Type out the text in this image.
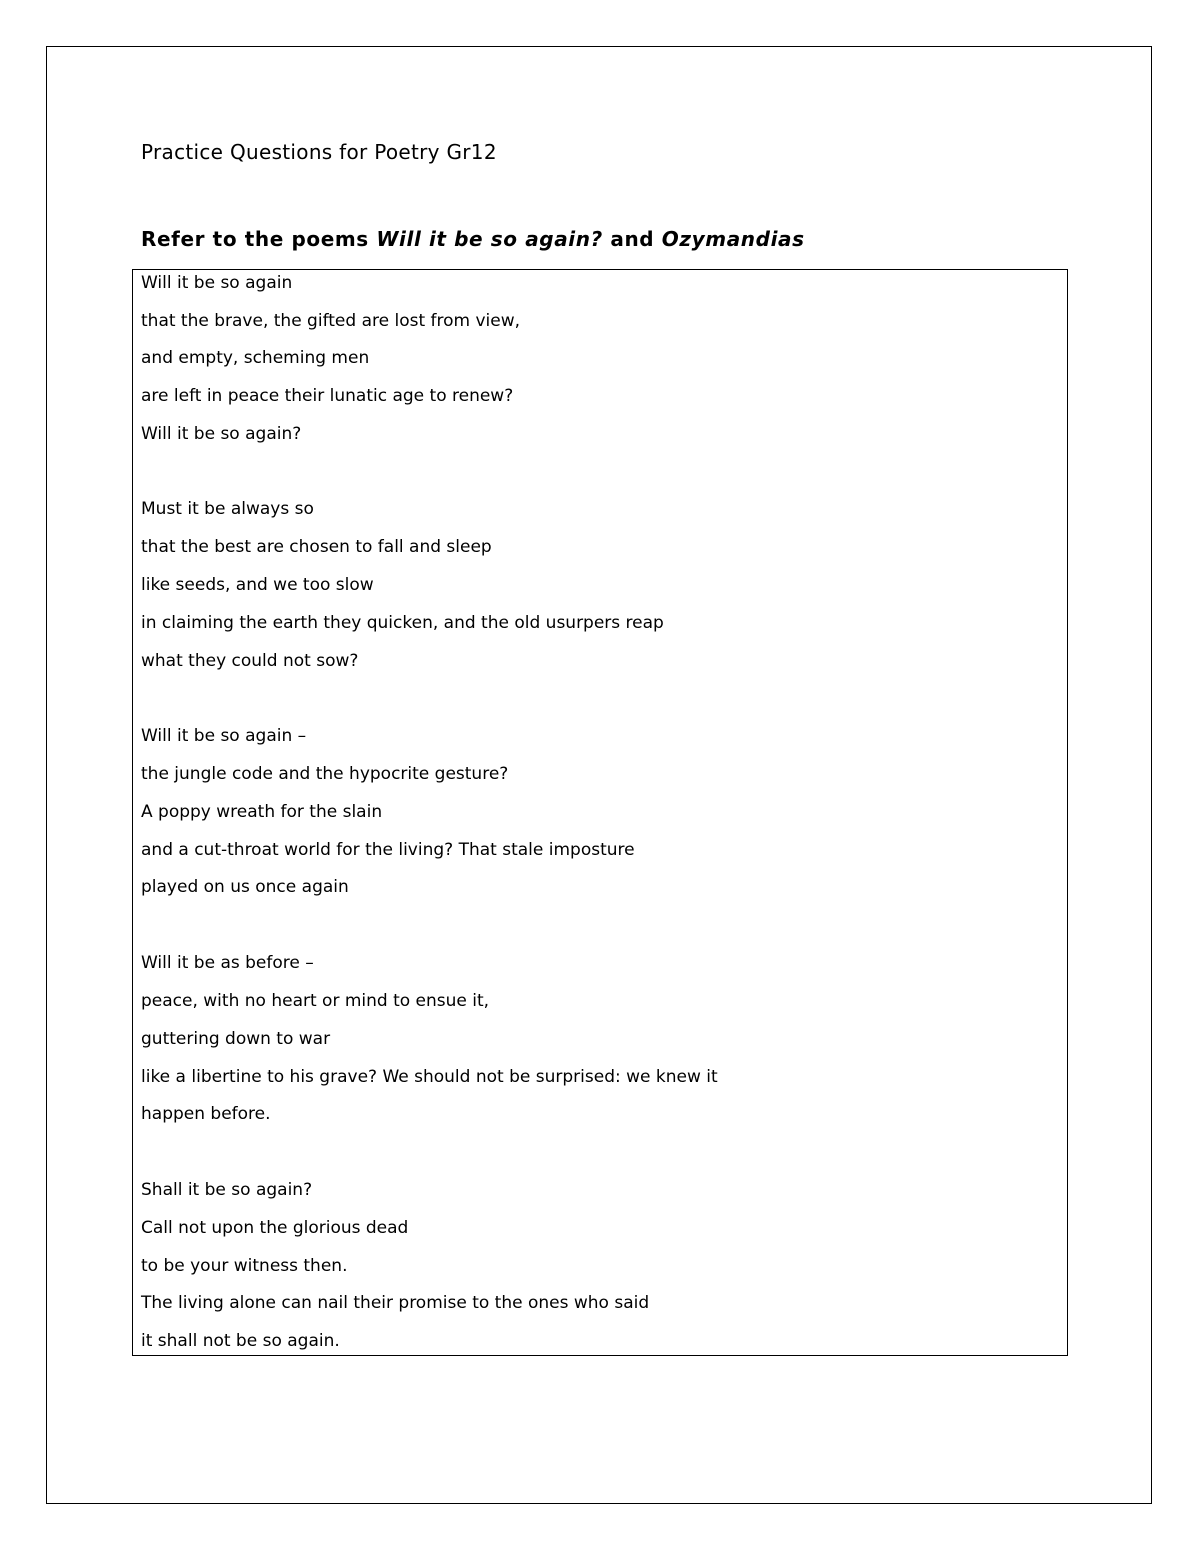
Practice Questions for Poetry Gr12
Refer to the poems Will it be so again? and Ozymandias
Will it be so again
that the brave, the gifted are lost from view,
and empty, scheming men
are left in peace their lunatic age to renew?
Will it be so again?
Must it be always so
that the best are chosen to fall and sleep
like seeds, and we too slow
in claiming the earth they quicken, and the old usurpers reap
what they could not sow?
Will it be so again –
the jungle code and the hypocrite gesture?
A poppy wreath for the slain
and a cut-throat world for the living? That stale imposture
played on us once again
Will it be as before –
peace, with no heart or mind to ensue it,
guttering down to war
like a libertine to his grave? We should not be surprised: we knew it
happen before.
Shall it be so again?
Call not upon the glorious dead
to be your witness then.
The living alone can nail their promise to the ones who said
it shall not be so again.
